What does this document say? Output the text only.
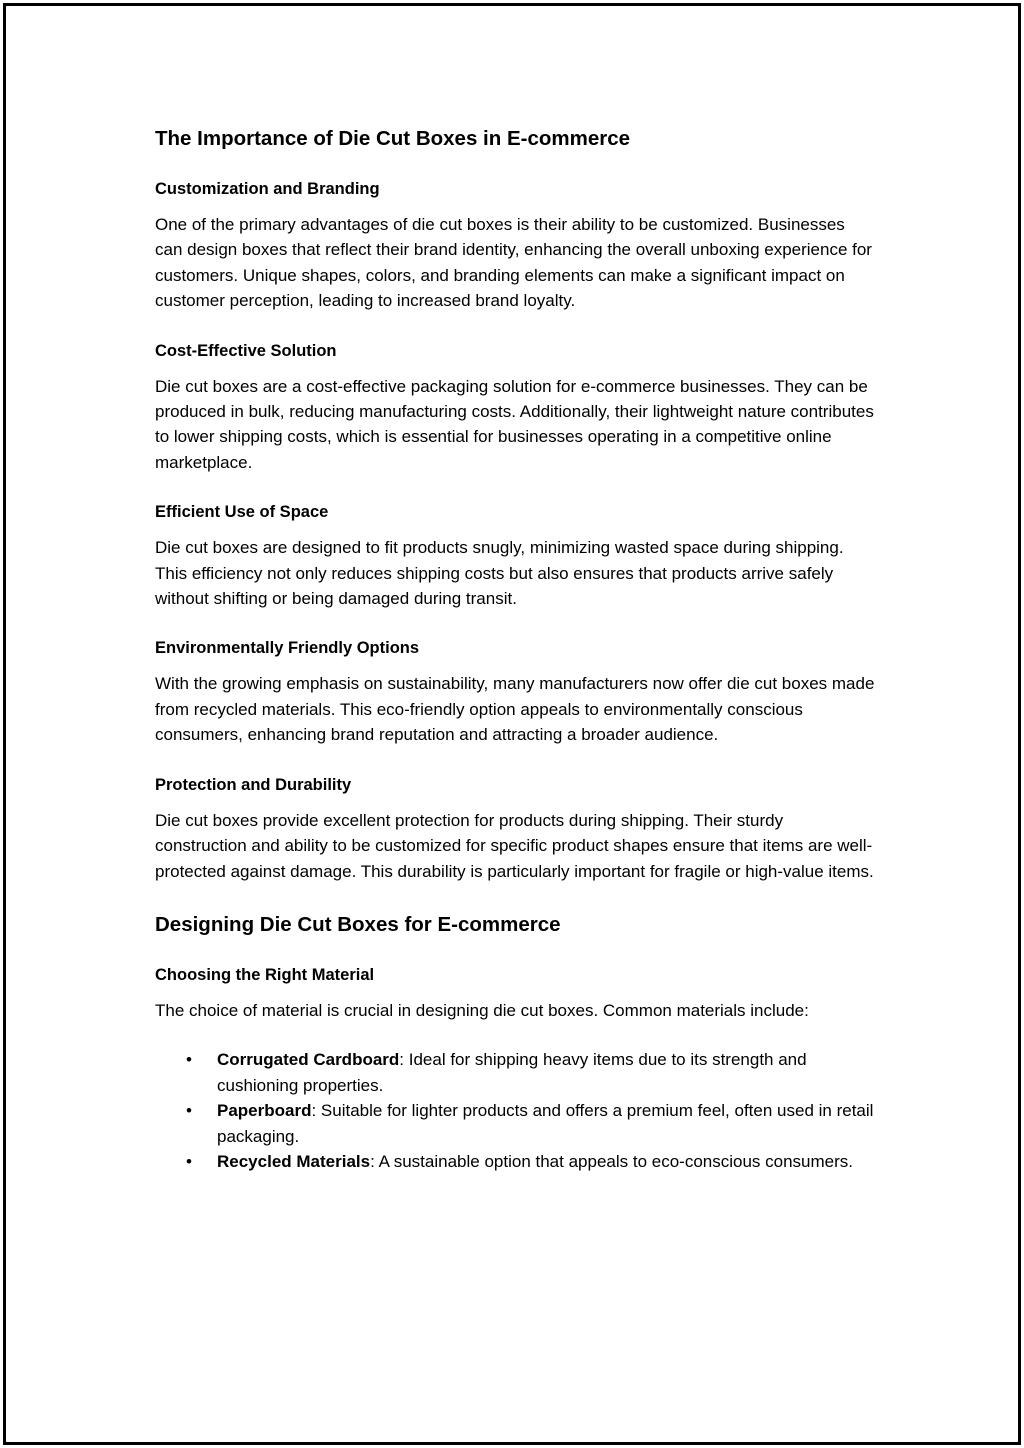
The Importance of Die Cut Boxes in E-commerce
Customization and Branding

One of the primary advantages of die cut boxes is their ability to be customized. Businesses can design boxes that reflect their brand identity, enhancing the overall unboxing experience for customers. Unique shapes, colors, and branding elements can make a significant impact on customer perception, leading to increased brand loyalty.

Cost-Effective Solution

Die cut boxes are a cost-effective packaging solution for e-commerce businesses. They can be produced in bulk, reducing manufacturing costs. Additionally, their lightweight nature contributes to lower shipping costs, which is essential for businesses operating in a competitive online marketplace.

Efficient Use of Space

Die cut boxes are designed to fit products snugly, minimizing wasted space during shipping. This efficiency not only reduces shipping costs but also ensures that products arrive safely without shifting or being damaged during transit.

Environmentally Friendly Options

With the growing emphasis on sustainability, many manufacturers now offer die cut boxes made from recycled materials. This eco-friendly option appeals to environmentally conscious consumers, enhancing brand reputation and attracting a broader audience.

Protection and Durability

Die cut boxes provide excellent protection for products during shipping. Their sturdy construction and ability to be customized for specific product shapes ensure that items are well-protected against damage. This durability is particularly important for fragile or high-value items.

Designing Die Cut Boxes for E-commerce
Choosing the Right Material

The choice of material is crucial in designing die cut boxes. Common materials include:

• Corrugated Cardboard: Ideal for shipping heavy items due to its strength and cushioning properties.
• Paperboard: Suitable for lighter products and offers a premium feel, often used in retail packaging.
• Recycled Materials: A sustainable option that appeals to eco-conscious consumers.
